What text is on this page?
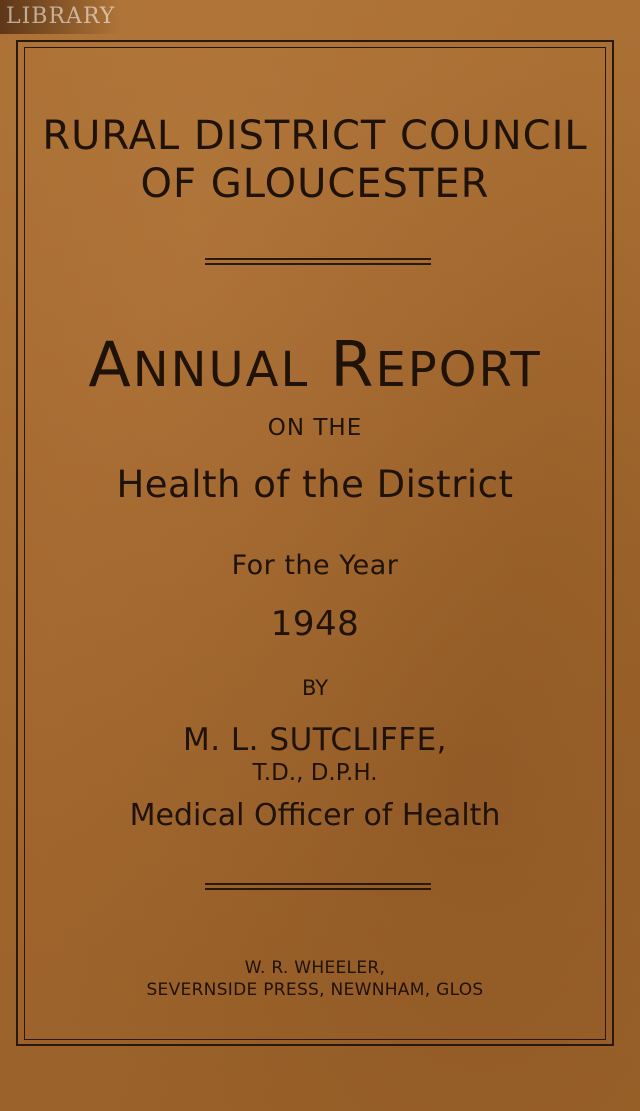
LIBRARY
RURAL DISTRICT COUNCIL
OF GLOUCESTER
ANNUAL REPORT
ON THE
Health of the District
For the Year
1948
BY
M. L. SUTCLIFFE,
T.D., D.P.H.
Medical Officer of Health
W. R. WHEELER,
SEVERNSIDE PRESS, NEWNHAM, GLOS
